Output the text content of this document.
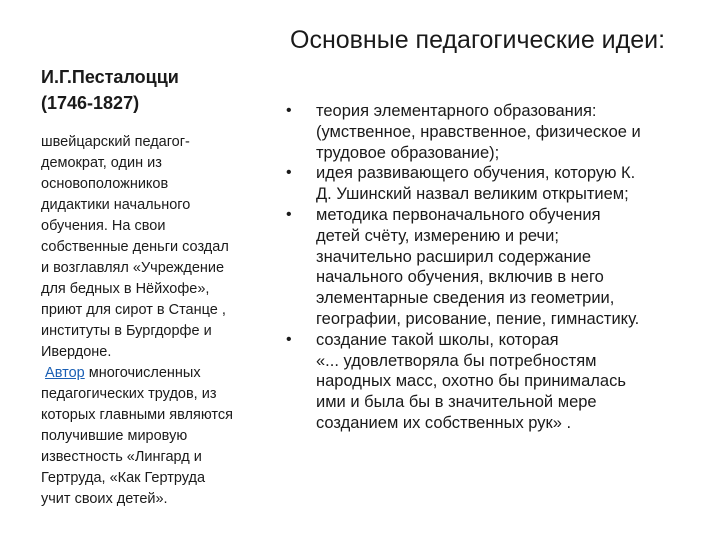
Основные педагогические идеи:

И.Г.Песталоцци

(1746-1827)

швейцарский педагог-
демократ, один из
основоположников
дидактики начального
обучения. На свои
собственные деньги создал
и возглавлял «Учреждение
для бедных в Нёйхофе»,
приют для сирот в Станце ,
институты в Бургдорфе и
Ивердоне.
Автор многочисленных
педагогических трудов, из
которых главными являются
получившие мировую
известность «Лингард и
Гертруда, «Как Гертруда
учит своих детей».
• теория элементарного образования:
(умственное, нравственное, физическое и
трудовое образование);
• идея развивающего обучения, которую К.
Д. Ушинский назвал великим открытием;
• методика первоначального обучения
детей счёту, измерению и речи;
значительно расширил содержание
начального обучения, включив в него
элементарные сведения из геометрии,
географии, рисование, пение, гимнастику.
• создание такой школы, которая
«... удовлетворяла бы потребностям
народных масс, охотно бы принималась
ими и была бы в значительной мере
созданием их собственных рук» .
